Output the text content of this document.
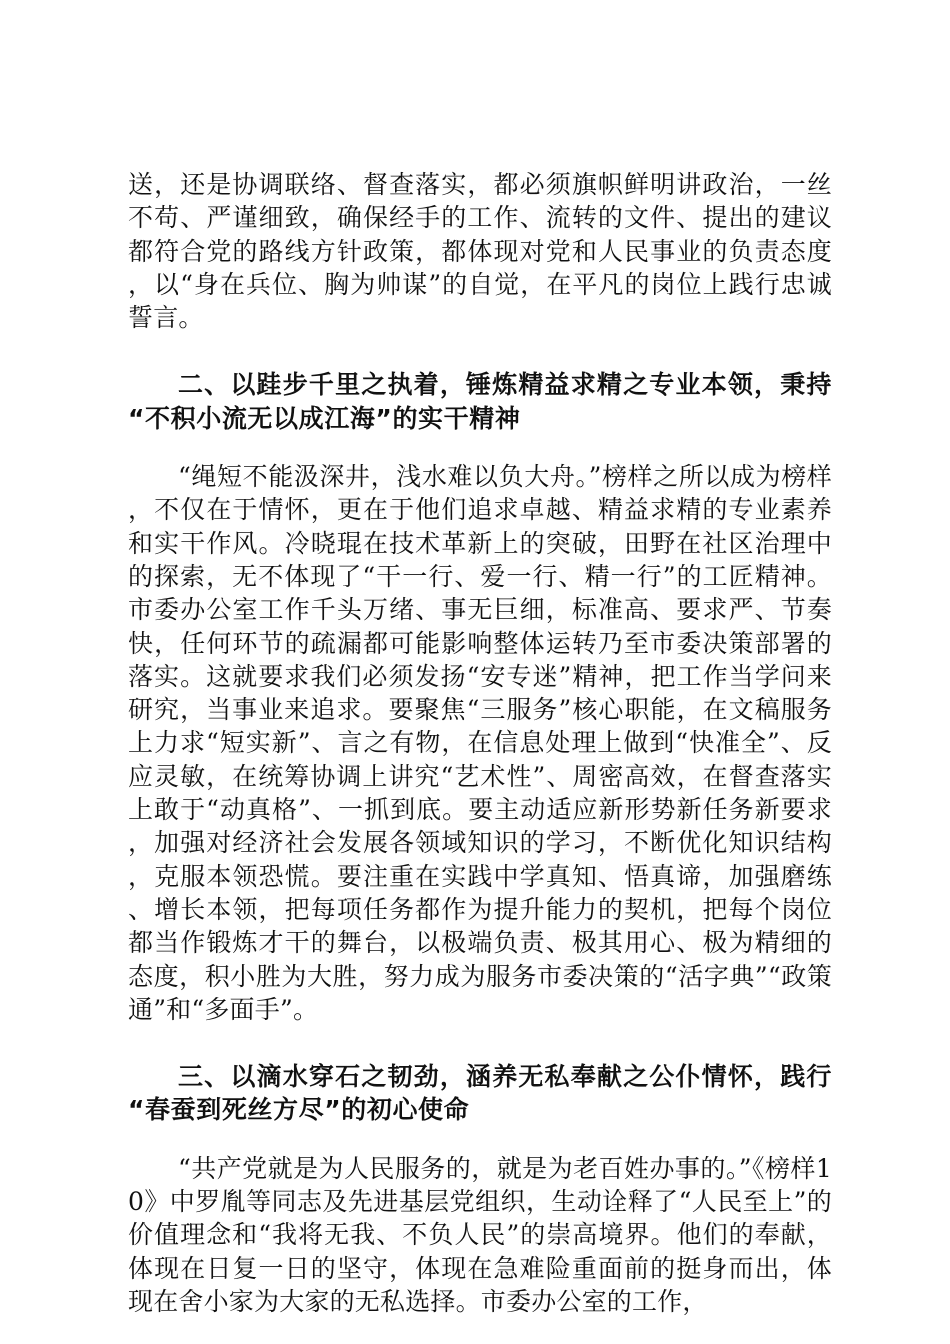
送，还是协调联络、督查落实，都必须旗帜鲜明讲政治，一丝不苟、严谨细致，确保经手的工作、流转的文件、提出的建议都符合党的路线方针政策，都体现对党和人民事业的负责态度，以“身在兵位、胸为帅谋”的自觉，在平凡的岗位上践行忠诚誓言。

二、以跬步千里之执着，锤炼精益求精之专业本领，秉持“不积小流无以成江海”的实干精神

“绳短不能汲深井，浅水难以负大舟。”榜样之所以成为榜样，不仅在于情怀，更在于他们追求卓越、精益求精的专业素养和实干作风。冷晓琨在技术革新上的突破，田野在社区治理中的探索，无不体现了“干一行、爱一行、精一行”的工匠精神。市委办公室工作千头万绪、事无巨细，标准高、要求严、节奏快，任何环节的疏漏都可能影响整体运转乃至市委决策部署的落实。这就要求我们必须发扬“安专迷”精神，把工作当学问来研究，当事业来追求。要聚焦“三服务”核心职能，在文稿服务上力求“短实新”、言之有物，在信息处理上做到“快准全”、反应灵敏，在统筹协调上讲究“艺术性”、周密高效，在督查落实上敢于“动真格”、一抓到底。要主动适应新形势新任务新要求，加强对经济社会发展各领域知识的学习，不断优化知识结构，克服本领恐慌。要注重在实践中学真知、悟真谛，加强磨练、增长本领，把每项任务都作为提升能力的契机，把每个岗位都当作锻炼才干的舞台，以极端负责、极其用心、极为精细的态度，积小胜为大胜，努力成为服务市委决策的“活字典”“政策通”和“多面手”。

三、以滴水穿石之韧劲，涵养无私奉献之公仆情怀，践行“春蚕到死丝方尽”的初心使命

“共产党就是为人民服务的，就是为老百姓办事的。”《榜样10》中罗胤等同志及先进基层党组织，生动诠释了“人民至上”的价值理念和“我将无我、不负人民”的崇高境界。他们的奉献，体现在日复一日的坚守，体现在急难险重面前的挺身而出，体现在舍小家为大家的无私选择。市委办公室的工作，
